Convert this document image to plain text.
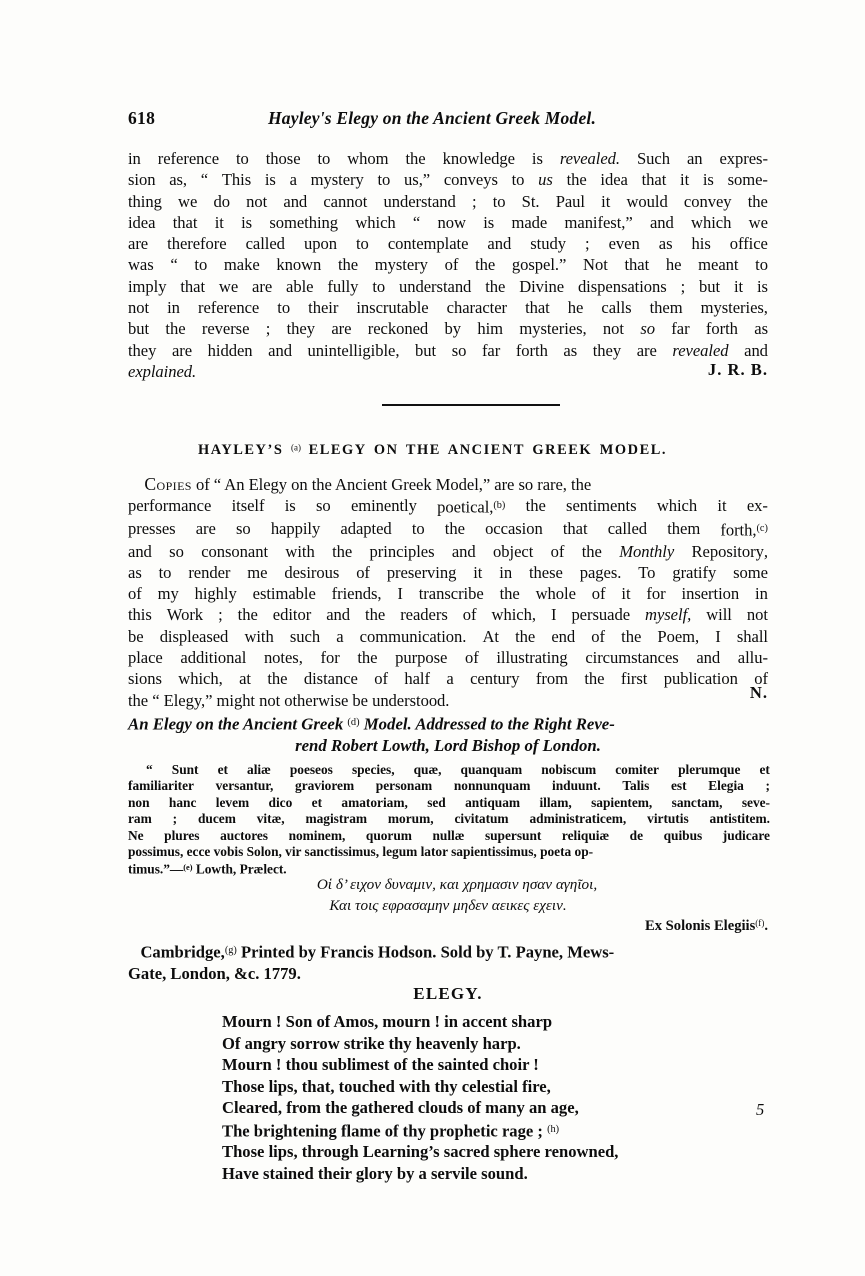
618	Hayley's Elegy on the Ancient Greek Model.
in reference to those to whom the knowledge is revealed. Such an expres-
sion as, “ This is a mystery to us,” conveys to us the idea that it is some-
thing we do not and cannot understand ; to St. Paul it would convey the
idea that it is something which “ now is made manifest,” and which we
are therefore called upon to contemplate and study ; even as his office
was “ to make known the mystery of the gospel.” Not that he meant to
imply that we are able fully to understand the Divine dispensations ; but it is
not in reference to their inscrutable character that he calls them mysteries,
but the reverse ; they are reckoned by him mysteries, not so far forth as
they are hidden and unintelligible, but so far forth as they are revealed and
explained.	J. R. B.
HAYLEY’S $^{(a)}$ ELEGY ON THE ANCIENT GREEK MODEL.
Copies of “ An Elegy on the Ancient Greek Model,” are so rare, the
performance itself is so eminently poetical,$^{(b)}$ the sentiments which it ex-
presses are so happily adapted to the occasion that called them forth,$^{(c)}$
and so consonant with the principles and object of the Monthly Repository,
as to render me desirous of preserving it in these pages. To gratify some
of my highly estimable friends, I transcribe the whole of it for insertion in
this Work ; the editor and the readers of which, I persuade myself, will not
be displeased with such a communication. At the end of the Poem, I shall
place additional notes, for the purpose of illustrating circumstances and allu-
sions which, at the distance of half a century from the first publication of
the “ Elegy,” might not otherwise be understood.	N.
An Elegy on the Ancient Greek $^{(d)}$ Model. Addressed to the Right Reve-
rend Robert Lowth, Lord Bishop of London.
“	Sunt	et	aliæ	poeseos	species,	quæ,	quanquam	nobiscum	comiter	plerumque	et
familiariter versantur, graviorem personam nonnunquam induunt. Talis est Elegia ;
non hanc levem dico et amatoriam, sed antiquam illam, sapientem, sanctam, seve-
ram ; ducem vitæ, magistram morum, civitatum administraticem, virtutis antistitem.
Ne plures auctores nominem, quorum nullæ supersunt reliquiæ de quibus judicare
possimus, ecce vobis Solon, vir sanctissimus, legum lator sapientissimus, poeta op-
timus.”—$^{(e)}$ Lowth, Prælect.
Οἱ δ’ ειχον δυναμιν, και χρημασιν ησαν αγηῖοι,
Και τοις εφρασαμην μηδεν αεικες εχειν.
Ex Solonis Elegiis$^{(f)}$.
Cambridge,$^{(g)}$ Printed by Francis Hodson. Sold by T. Payne, Mews-
Gate, London, &c. 1779.
ELEGY.
Mourn ! Son of Amos, mourn ! in accent sharp
Of angry sorrow strike thy heavenly harp.
Mourn ! thou sublimest of the sainted choir !
Those lips, that, touched with thy celestial fire,
Cleared, from the gathered clouds of many an age,
The brightening flame of thy prophetic rage ; $^{(h)}$
Those lips, through Learning’s sacred sphere renowned,
Have stained their glory by a servile sound.
5
